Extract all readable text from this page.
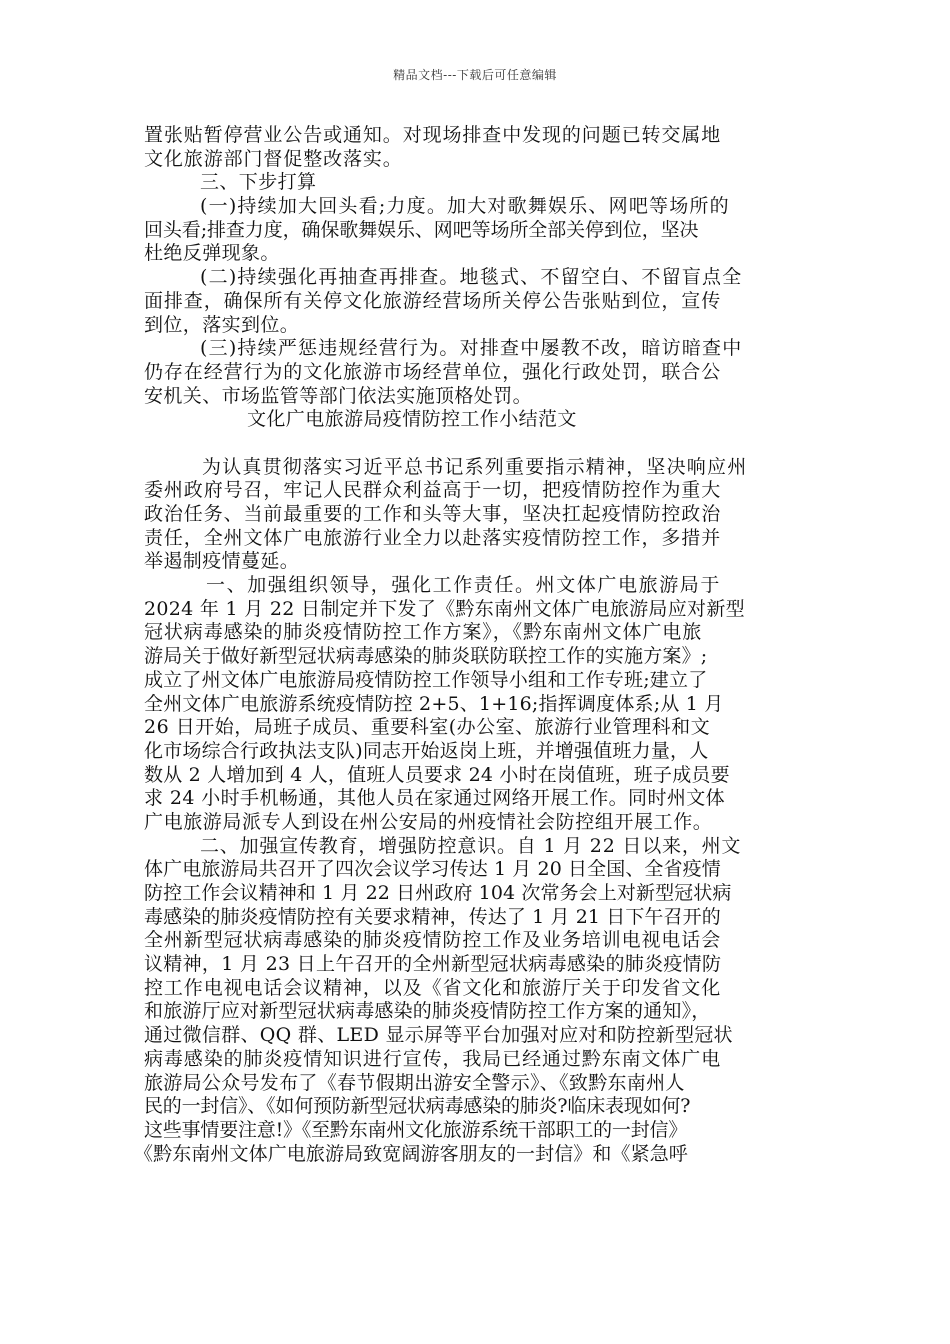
精品文档---下载后可任意编辑
置张贴暂停营业公告或通知。对现场排查中发现的问题已转交属地
文化旅游部门督促整改落实。
三、下步打算
(一)持续加大回头看;力度。加大对歌舞娱乐、网吧等场所的
回头看;排查力度，确保歌舞娱乐、网吧等场所全部关停到位，坚决
杜绝反弹现象。
(二)持续强化再抽查再排查。地毯式、不留空白、不留盲点全
面排查，确保所有关停文化旅游经营场所关停公告张贴到位，宣传
到位，落实到位。
(三)持续严惩违规经营行为。对排查中屡教不改，暗访暗查中
仍存在经营行为的文化旅游市场经营单位，强化行政处罚，联合公
安机关、市场监管等部门依法实施顶格处罚。
文化广电旅游局疫情防控工作小结范文
为认真贯彻落实习近平总书记系列重要指示精神，坚决响应州
委州政府号召，牢记人民群众利益高于一切，把疫情防控作为重大
政治任务、当前最重要的工作和头等大事，坚决扛起疫情防控政治
责任，全州文体广电旅游行业全力以赴落实疫情防控工作，多措并
举遏制疫情蔓延。
一、加强组织领导，强化工作责任。州文体广电旅游局于
2024 年 1 月 22 日制定并下发了《黔东南州文体广电旅游局应对新型
冠状病毒感染的肺炎疫情防控工作方案》，《黔东南州文体广电旅
游局关于做好新型冠状病毒感染的肺炎联防联控工作的实施方案》;
成立了州文体广电旅游局疫情防控工作领导小组和工作专班;建立了
全州文体广电旅游系统疫情防控 2+5、1+16;指挥调度体系;从 1 月
26 日开始，局班子成员、重要科室(办公室、旅游行业管理科和文
化市场综合行政执法支队)同志开始返岗上班，并增强值班力量，人
数从 2 人增加到 4 人，值班人员要求 24 小时在岗值班，班子成员要
求 24 小时手机畅通，其他人员在家通过网络开展工作。同时州文体
广电旅游局派专人到设在州公安局的州疫情社会防控组开展工作。
二、加强宣传教育，增强防控意识。自 1 月 22 日以来，州文
体广电旅游局共召开了四次会议学习传达 1 月 20 日全国、全省疫情
防控工作会议精神和 1 月 22 日州政府 104 次常务会上对新型冠状病
毒感染的肺炎疫情防控有关要求精神，传达了 1 月 21 日下午召开的
全州新型冠状病毒感染的肺炎疫情防控工作及业务培训电视电话会
议精神，1 月 23 日上午召开的全州新型冠状病毒感染的肺炎疫情防
控工作电视电话会议精神，以及《省文化和旅游厅关于印发省文化
和旅游厅应对新型冠状病毒感染的肺炎疫情防控工作方案的通知》，
通过微信群、QQ 群、LED 显示屏等平台加强对应对和防控新型冠状
病毒感染的肺炎疫情知识进行宣传，我局已经通过黔东南文体广电
旅游局公众号发布了《春节假期出游安全警示》、《致黔东南州人
民的一封信》、《如何预防新型冠状病毒感染的肺炎?临床表现如何?
这些事情要注意!》《至黔东南州文化旅游系统干部职工的一封信》
《黔东南州文体广电旅游局致宽阔游客朋友的一封信》和《紧急呼
